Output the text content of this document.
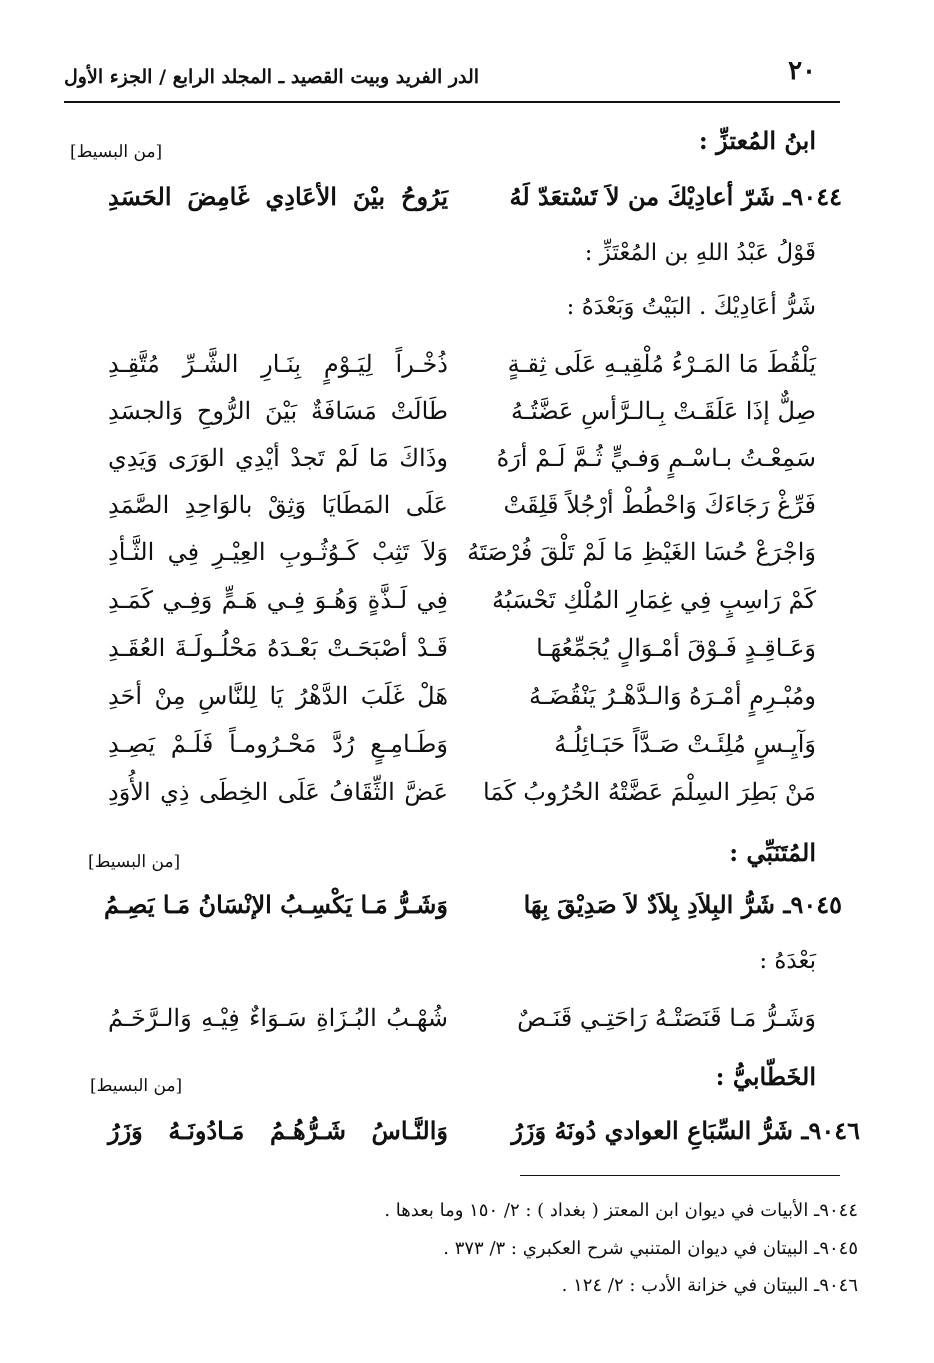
٢٠
الدر الفريد وبيت القصيد ـ المجلد الرابع / الجزء الأول
ابنُ المُعتزِّ :
[من البسيط]
٩٠٤٤ـ شَرّ أعادِيْكَ من لاَ تَسْتعَدّ لَهُ
يَرُوحُ بيْنَ الأعَادِي غَامِضَ الحَسَدِ
قَوْلُ عَبْدُ اللهِ بن المُعْتَزِّ :
شَرُّ أعَادِيْكَ . البَيْتُ وَبَعْدَهُ :
يَلْقُطَ مَا المَـرْءُ مُلْقِيـهِ عَلَى ثِقـةٍ
ذُخْـراً لِيَـوْمٍ بِنَـارِ الشَّـرِّ مُتَّقِـدِ
صِلٌّ إذَا عَلَقَـتْ بِـالـرَّأسِ عَضَّتُـهُ
طَالَتْ مَسَافَةٌ بَيْنَ الرُّوحِ وَالجسَدِ
سَمِعْـتُ بـاسْـمٍ وَفـيٍّ ثُـمَّ لَـمْ أرَهُ
وذَاكَ مَا لَمْ تَجدْ أيْدِي الوَرَى وَيَدِي
فَرِّغْ رَجَاءَكَ وَاحْطُطْ أرْجُلاً قَلِقَتْ
عَلَى المَطَايَا وَثِقْ بالوَاحِدِ الصَّمَدِ
وَاجْرَعْ حُسَا الغَيْظِ مَا لَمْ تَلْقَ فُرْصَتَهُ
وَلاَ تَثِبْ كَـوُثُـوبِ العِيْـرِ فِي الثَّـأدِ
كَمْ رَاسِبٍ فِي غِمَارِ المُلْكِ تَحْسَبُهُ
فِي لَـذَّةٍ وَهُـوَ فِـي هَـمٍّ وَفِـي كَمَـدِ
وَعَـاقِـدٍ فَـوْقَ أمْـوَالٍ يُجَمِّعُهَـا
قَـدْ أصْبَحَـتْ بَعْـدَهُ مَحْلُـولَـةَ العُقَـدِ
ومُبْـرِمٍ أمْـرَهُ وَالـدَّهْـرُ يَنْقُضَـهُ
هَلْ غَلَبَ الدَّهْرُ يَا لِلنَّاسِ مِنْ أحَدِ
وَآيِـسٍ مُلِئَـتْ صَـدَّاً حَبَـائِلُـهُ
وَطَـامِـعٍ رُدَّ مَحْـرُومـاً فَلَـمْ يَصِـدِ
مَنْ بَطِرَ السِلْمَ عَضَّتْهُ الحُرُوبُ كَمَا
عَضَّ الثِّقَافُ عَلَى الخِطَى ذِي الأُوَدِ
المُتَنَبِّي :
[من البسيط]
٩٠٤٥ـ شَرُّ البِلاَدِ بِلاَدٌ لاَ صَدِيْقَ بِهَا
وَشَـرُّ مَـا يَكْسِـبُ الإنْسَانُ مَـا يَصِـمُ
بَعْدَهُ :
وَشَـرُّ مَـا قَنَصَتْـهُ رَاحَتِـي قَنَـصٌ
شُهْـبُ البُـزَاةِ سَـوَاءٌ فِيْـهِ وَالـرَّخَـمُ
الخَطّابيُّ :
[من البسيط]
٩٠٤٦ـ شَرُّ السِّبَاعِ العوادي دُونَهُ وَزَرُ
وَالنَّـاسُ شَـرُّهُـمُ مَـادُونَـهُ وَزَرُ
٩٠٤٤ـ الأبيات في ديوان ابن المعتز ( بغداد ) : ٢/ ١٥٠ وما بعدها .
٩٠٤٥ـ البيتان في ديوان المتنبي شرح العكبري : ٣/ ٣٧٣ .
٩٠٤٦ـ البيتان في خزانة الأدب : ٢/ ١٢٤ .
